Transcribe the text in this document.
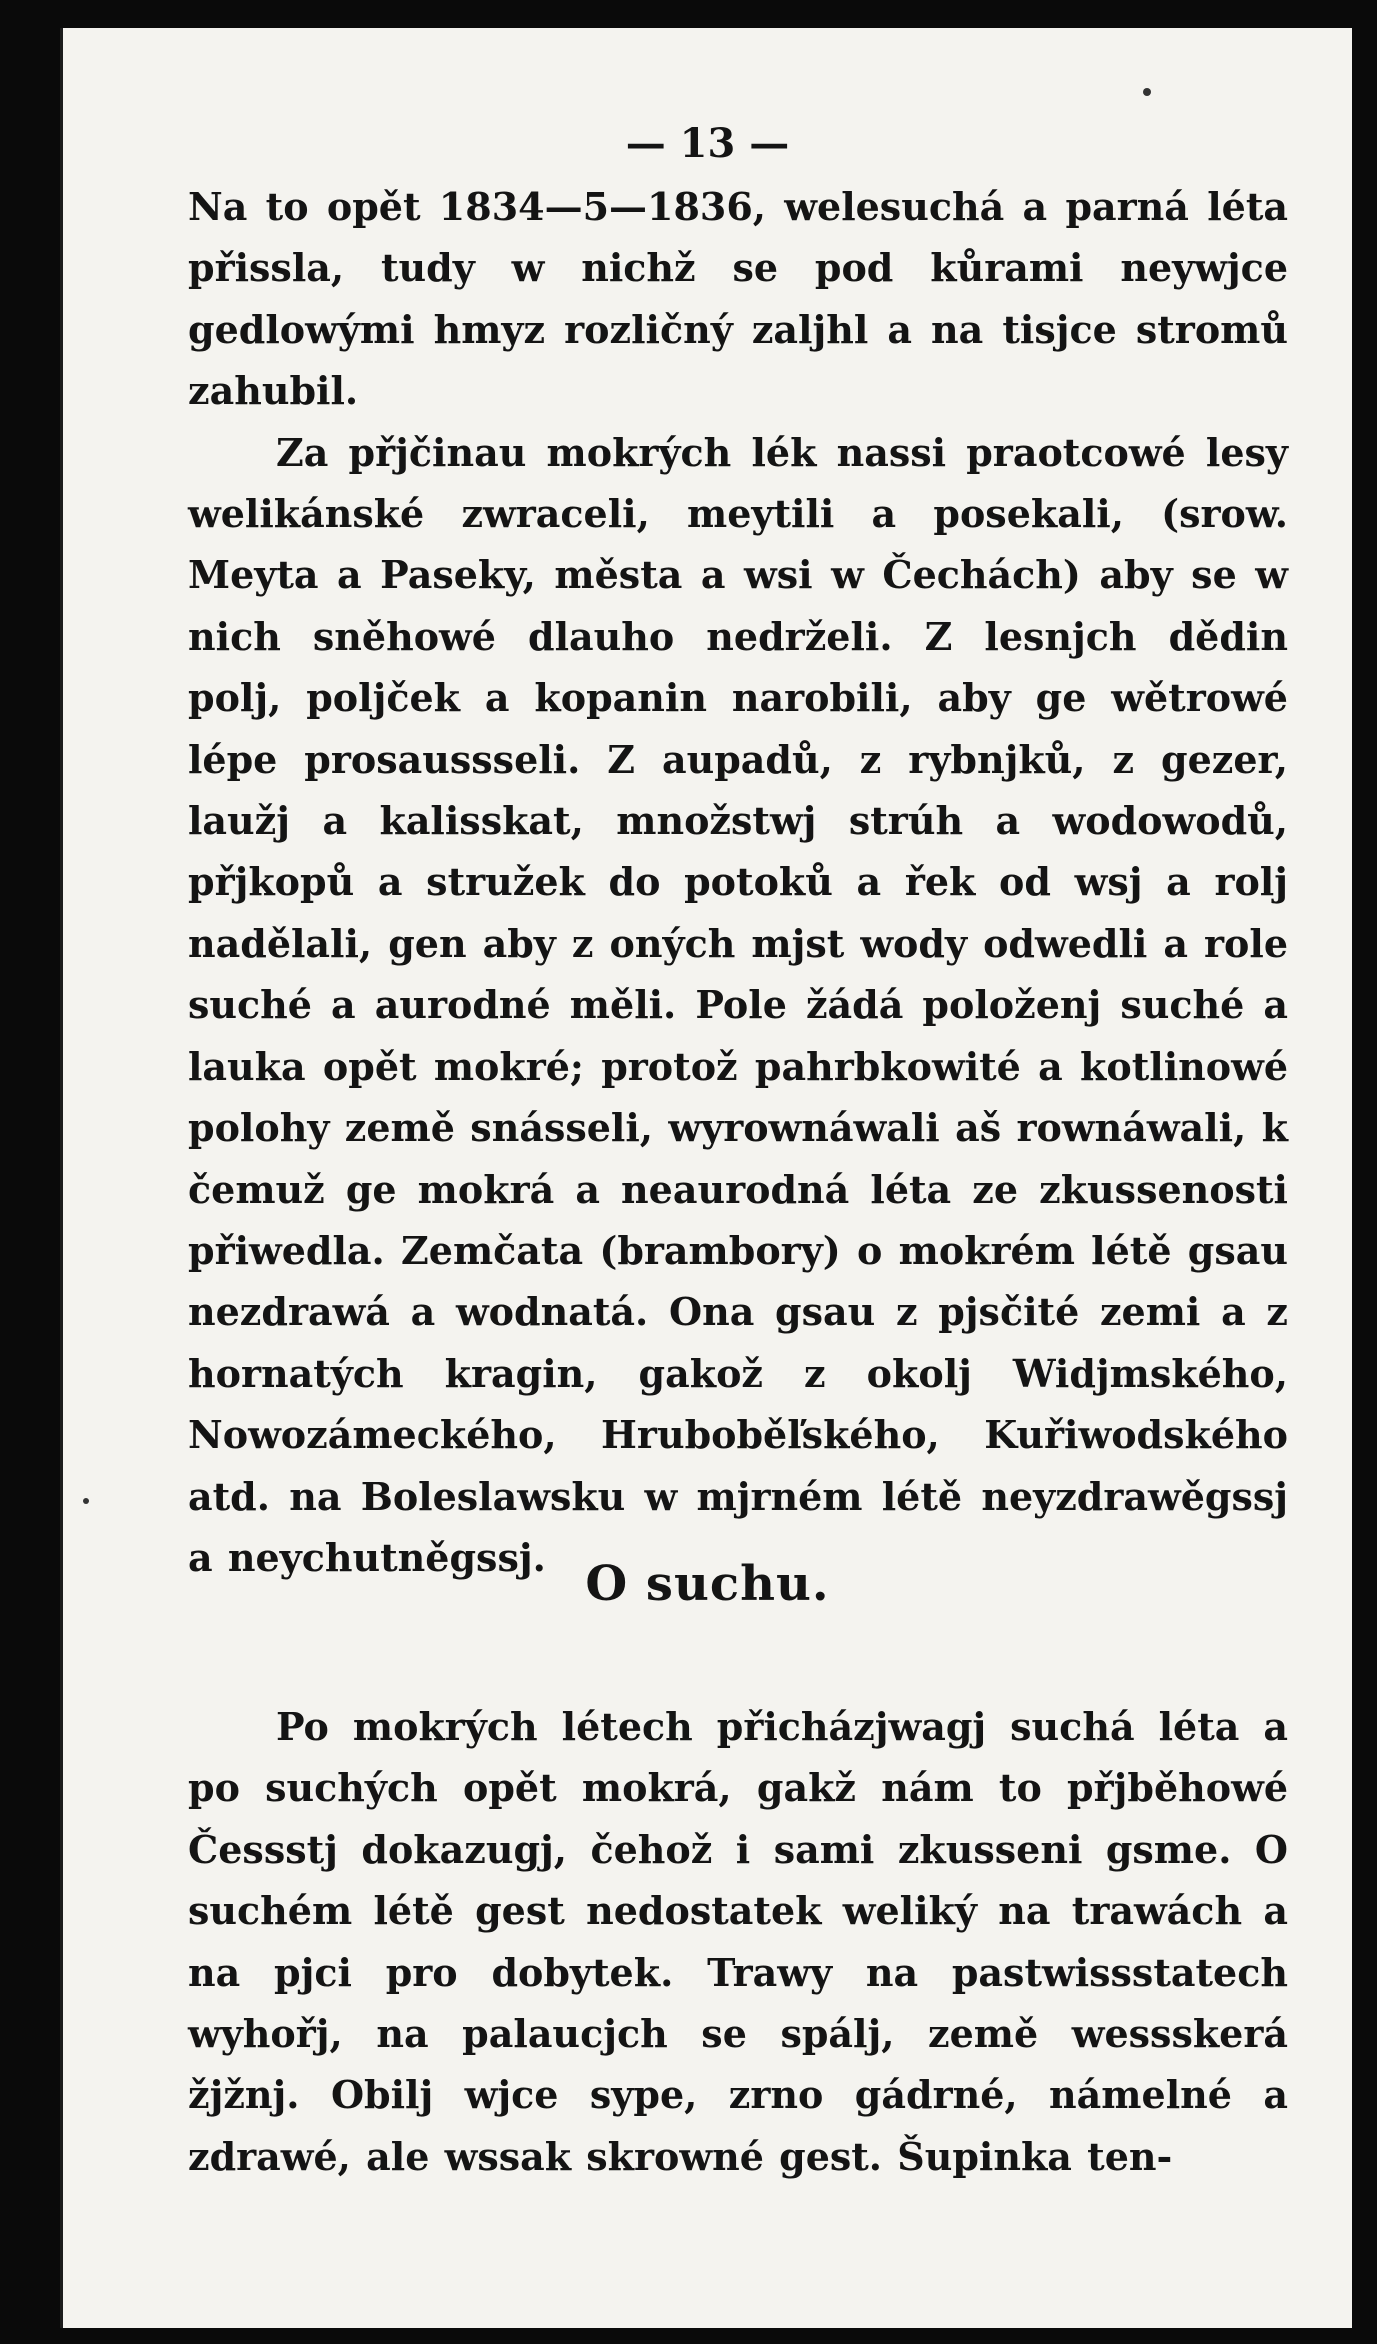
— 13 —

Na to opět 1834—5—1836, welesuchá a parná léta přissla, tudy w nichž se pod kůrami neywjce gedlowými hmyz rozličný zaljhl a na tisjce stromů zahubil.

Za přjčinau mokrých lék nassi praotcowé lesy welikánské zwraceli, meytili a posekali, (srow. Meyta a Paseky, města a wsi w Čechách) aby se w nich sněhowé dlauho nedrželi. Z lesnjch dědin polj, poljček a kopanin narobili, aby ge wětrowé lépe prosaussseli. Z aupadů, z rybnjků, z gezer, laužj a kalisskat, množstwj strúh a wodowodů, přjkopů a stružek do potoků a řek od wsj a rolj nadělali, gen aby z oných mjst wody odwedli a role suché a aurodné měli. Pole žádá položenj suché a lauka opět mokré; protož pahrbkowité a kotlinowé polohy země snásseli, wyrownáwali aš rownáwali, k čemuž ge mokrá a neaurodná léta ze zkussenosti přiwedla. Zemčata (brambory) o mokrém létě gsau nezdrawá a wodnatá. Ona gsau z pjsčité zemi a z hornatých kragin, gakož z okolj Widjmského, Nowozámeckého, Hruboběľského, Kuřiwodského atd. na Boleslawsku w mjrném létě neyzdrawěgssj a neychutněgssj. O suchu.

Po mokrých létech přicházjwagj suchá léta a po suchých opět mokrá, gakž nám to přjběhowé Čessstj dokazugj, čehož i sami zkusseni gsme. O suchém létě gest nedostatek weliký na trawách a na pjci pro dobytek. Trawy na pastwissstatech wyhořj, na palaucjch se spálj, země wessskerá žjžnj. Obilj wjce sype, zrno gádrné, námelné a zdrawé, ale wssak skrowné gest. Šupinka ten-
